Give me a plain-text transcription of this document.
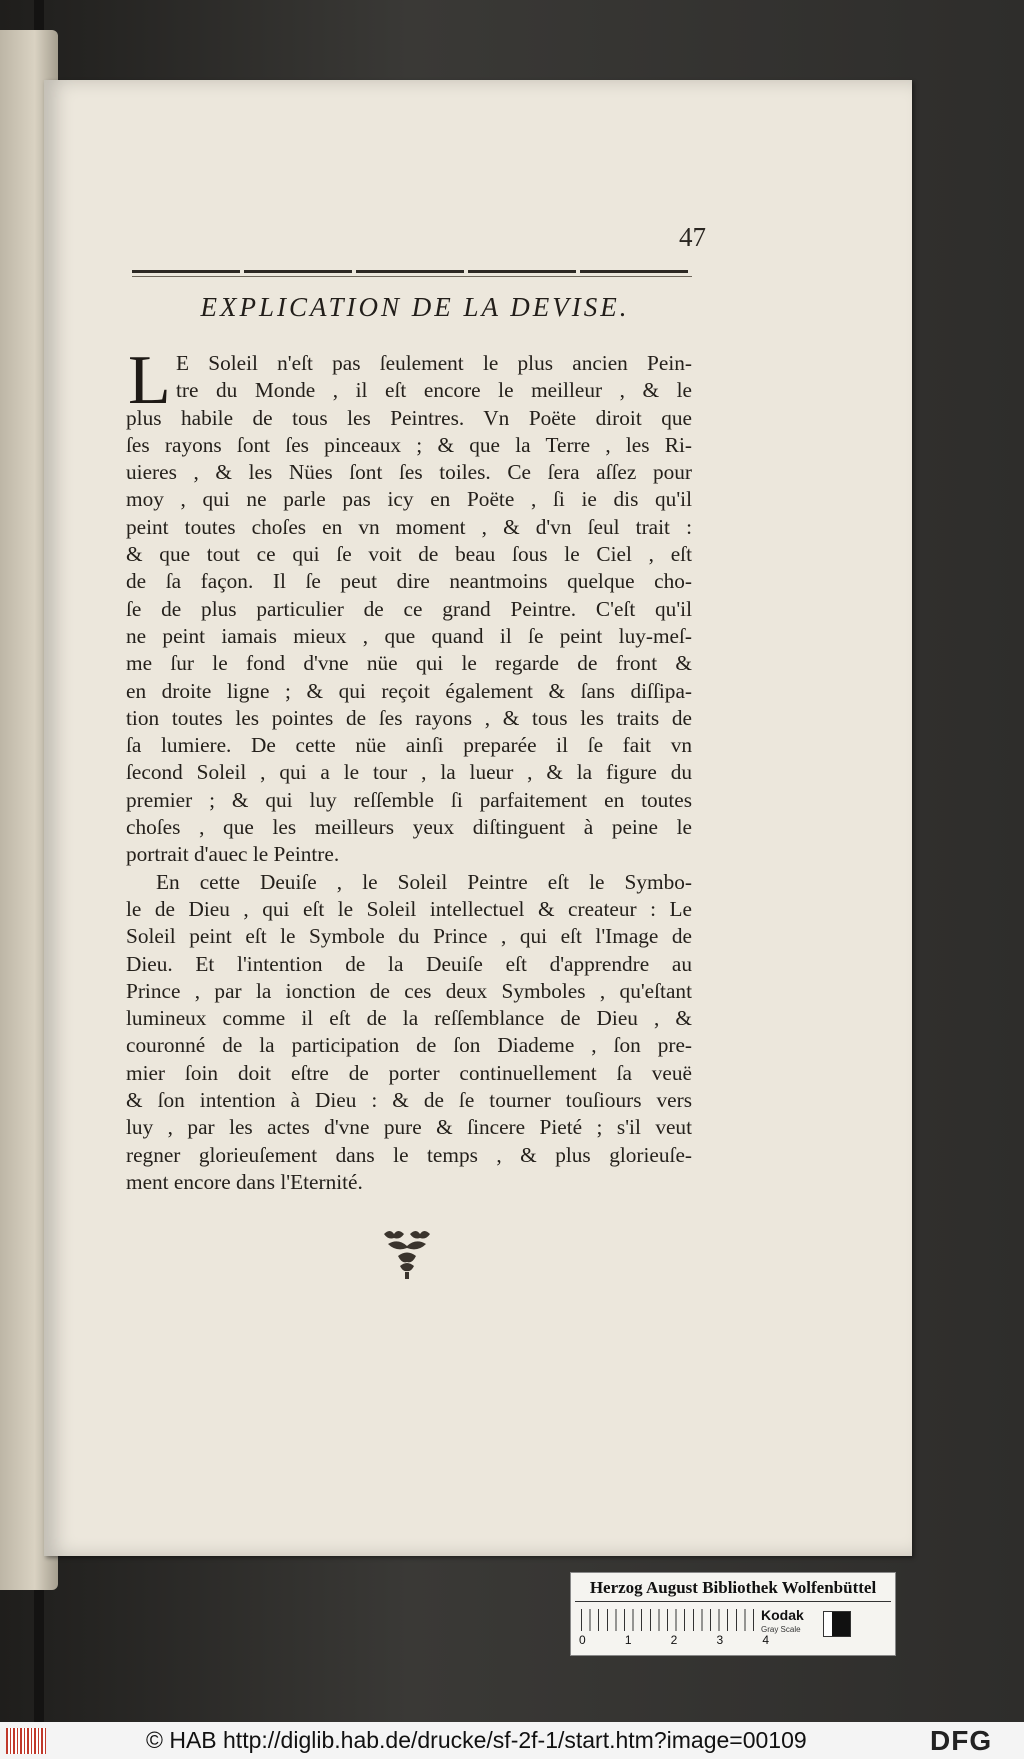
47
EXPLICATION DE LA DEVISE.
L E Soleil n'eſt pas ſeulement le plus ancien Pein-
tre du Monde , il eſt encore le meilleur , & le
plus habile de tous les Peintres. Vn Poëte diroit que
ſes rayons ſont ſes pinceaux ; & que la Terre , les Ri-
uieres , & les Nües ſont ſes toiles. Ce ſera aſſez pour
moy , qui ne parle pas icy en Poëte , ſi ie dis qu'il
peint toutes choſes en vn moment , & d'vn ſeul trait :
& que tout ce qui ſe voit de beau ſous le Ciel , eſt
de ſa façon. Il ſe peut dire neantmoins quelque cho-
ſe de plus particulier de ce grand Peintre. C'eſt qu'il
ne peint iamais mieux , que quand il ſe peint luy-meſ-
me ſur le fond d'vne nüe qui le regarde de front &
en droite ligne ; & qui reçoit également & ſans diſſipa-
tion toutes les pointes de ſes rayons , & tous les traits de
ſa lumiere. De cette nüe ainſi preparée il ſe fait vn
ſecond Soleil , qui a le tour , la lueur , & la figure du
premier ; & qui luy reſſemble ſi parfaitement en toutes
choſes , que les meilleurs yeux diſtinguent à peine le
portrait d'auec le Peintre.
En cette Deuiſe , le Soleil Peintre eſt le Symbo-
le de Dieu , qui eſt le Soleil intellectuel & createur : Le
Soleil peint eſt le Symbole du Prince , qui eſt l'Image de
Dieu. Et l'intention de la Deuiſe eſt d'apprendre au
Prince , par la ionction de ces deux Symboles , qu'eſtant
lumineux comme il eſt de la reſſemblance de Dieu , &
couronné de la participation de ſon Diademe , ſon pre-
mier ſoin doit eſtre de porter continuellement ſa veuë
& ſon intention à Dieu : & de ſe tourner touſiours vers
luy , par les actes d'vne pure & ſincere Pieté ; s'il veut
regner glorieuſement dans le temps , & plus glorieuſe-
ment encore dans l'Eternité.
Herzog August Bibliothek Wolfenbüttel
0	1	2	3	4
Kodak
Gray Scale
© HAB http://diglib.hab.de/drucke/sf-2f-1/start.htm?image=00109	DFG
